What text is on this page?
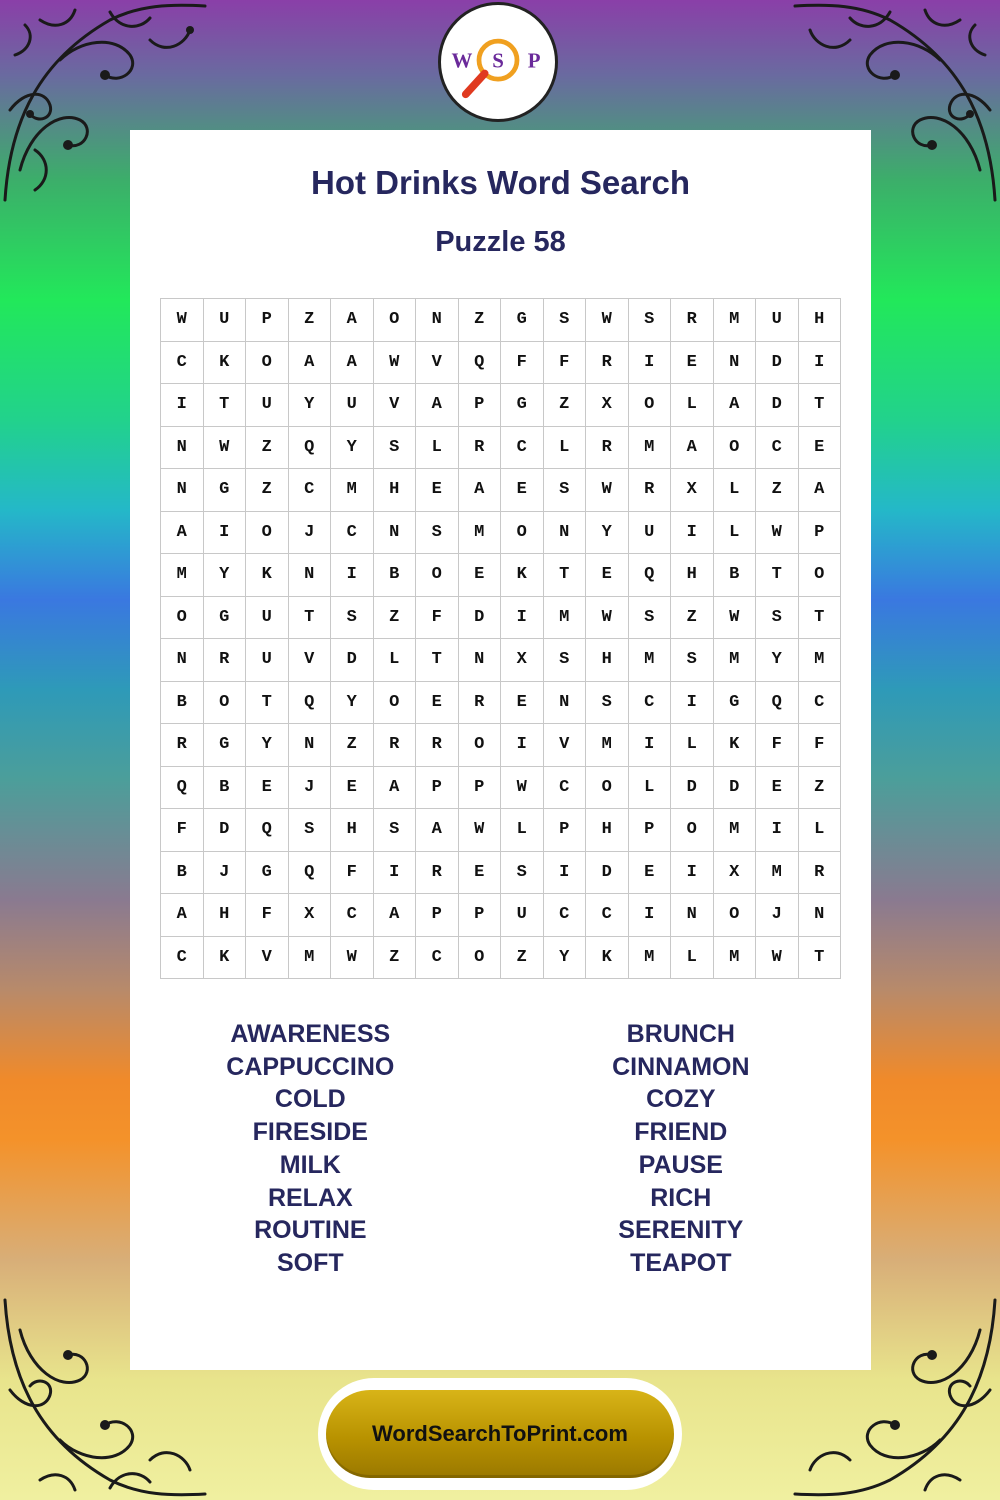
W S P
Hot Drinks Word Search
Puzzle 58
W	U	P	Z	A	O	N	Z	G	S	W	S	R	M	U	H
C	K	O	A	A	W	V	Q	F	F	R	I	E	N	D	I
I	T	U	Y	U	V	A	P	G	Z	X	O	L	A	D	T
N	W	Z	Q	Y	S	L	R	C	L	R	M	A	O	C	E
N	G	Z	C	M	H	E	A	E	S	W	R	X	L	Z	A
A	I	O	J	C	N	S	M	O	N	Y	U	I	L	W	P
M	Y	K	N	I	B	O	E	K	T	E	Q	H	B	T	O
O	G	U	T	S	Z	F	D	I	M	W	S	Z	W	S	T
N	R	U	V	D	L	T	N	X	S	H	M	S	M	Y	M
B	O	T	Q	Y	O	E	R	E	N	S	C	I	G	Q	C
R	G	Y	N	Z	R	R	O	I	V	M	I	L	K	F	F
Q	B	E	J	E	A	P	P	W	C	O	L	D	D	E	Z
F	D	Q	S	H	S	A	W	L	P	H	P	O	M	I	L
B	J	G	Q	F	I	R	E	S	I	D	E	I	X	M	R
A	H	F	X	C	A	P	P	U	C	C	I	N	O	J	N
C	K	V	M	W	Z	C	O	Z	Y	K	M	L	M	W	T
AWARENESS
CAPPUCCINO
COLD
FIRESIDE
MILK
RELAX
ROUTINE
SOFT
BRUNCH
CINNAMON
COZY
FRIEND
PAUSE
RICH
SERENITY
TEAPOT
WordSearchToPrint.com
